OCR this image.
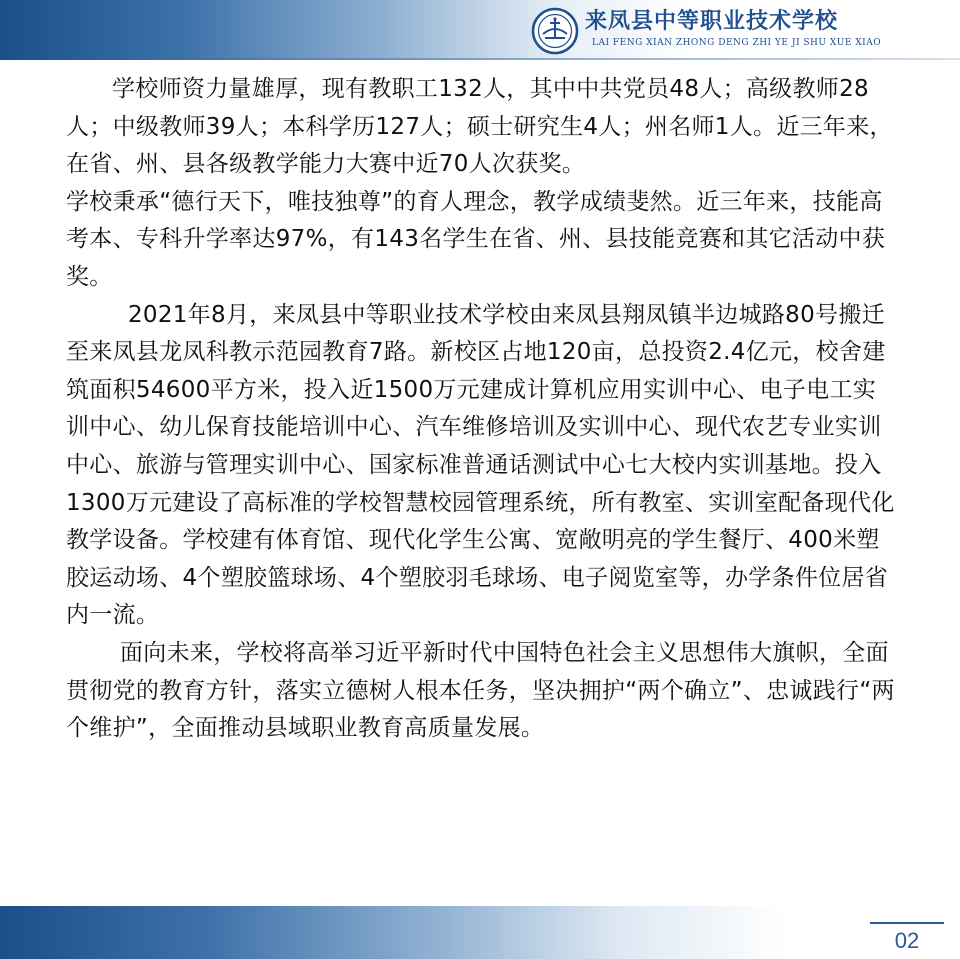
来凤县中等职业技术学校
LAI FENG XIAN ZHONG DENG ZHI YE JI SHU XUE XIAO

学校师资力量雄厚，现有教职工132人，其中中共党员48人；高级教师28人；中级教师39人；本科学历127人；硕士研究生4人；州名师1人。近三年来，在省、州、县各级教学能力大赛中近70人次获奖。

学校秉承“德行天下，唯技独尊”的育人理念，教学成绩斐然。近三年来，技能高考本、专科升学率达97%，有143名学生在省、州、县技能竞赛和其它活动中获奖。

2021年8月，来凤县中等职业技术学校由来凤县翔凤镇半边城路80号搬迁至来凤县龙凤科教示范园教育7路。新校区占地120亩，总投资2.4亿元，校舍建筑面积54600平方米，投入近1500万元建成计算机应用实训中心、电子电工实训中心、幼儿保育技能培训中心、汽车维修培训及实训中心、现代农艺专业实训中心、旅游与管理实训中心、国家标准普通话测试中心七大校内实训基地。投入1300万元建设了高标准的学校智慧校园管理系统，所有教室、实训室配备现代化教学设备。学校建有体育馆、现代化学生公寓、宽敞明亮的学生餐厅、400米塑胶运动场、4个塑胶篮球场、4个塑胶羽毛球场、电子阅览室等，办学条件位居省内一流。

面向未来，学校将高举习近平新时代中国特色社会主义思想伟大旗帜，全面贯彻党的教育方针，落实立德树人根本任务，坚决拥护“两个确立”、忠诚践行“两个维护”，全面推动县域职业教育高质量发展。

02
